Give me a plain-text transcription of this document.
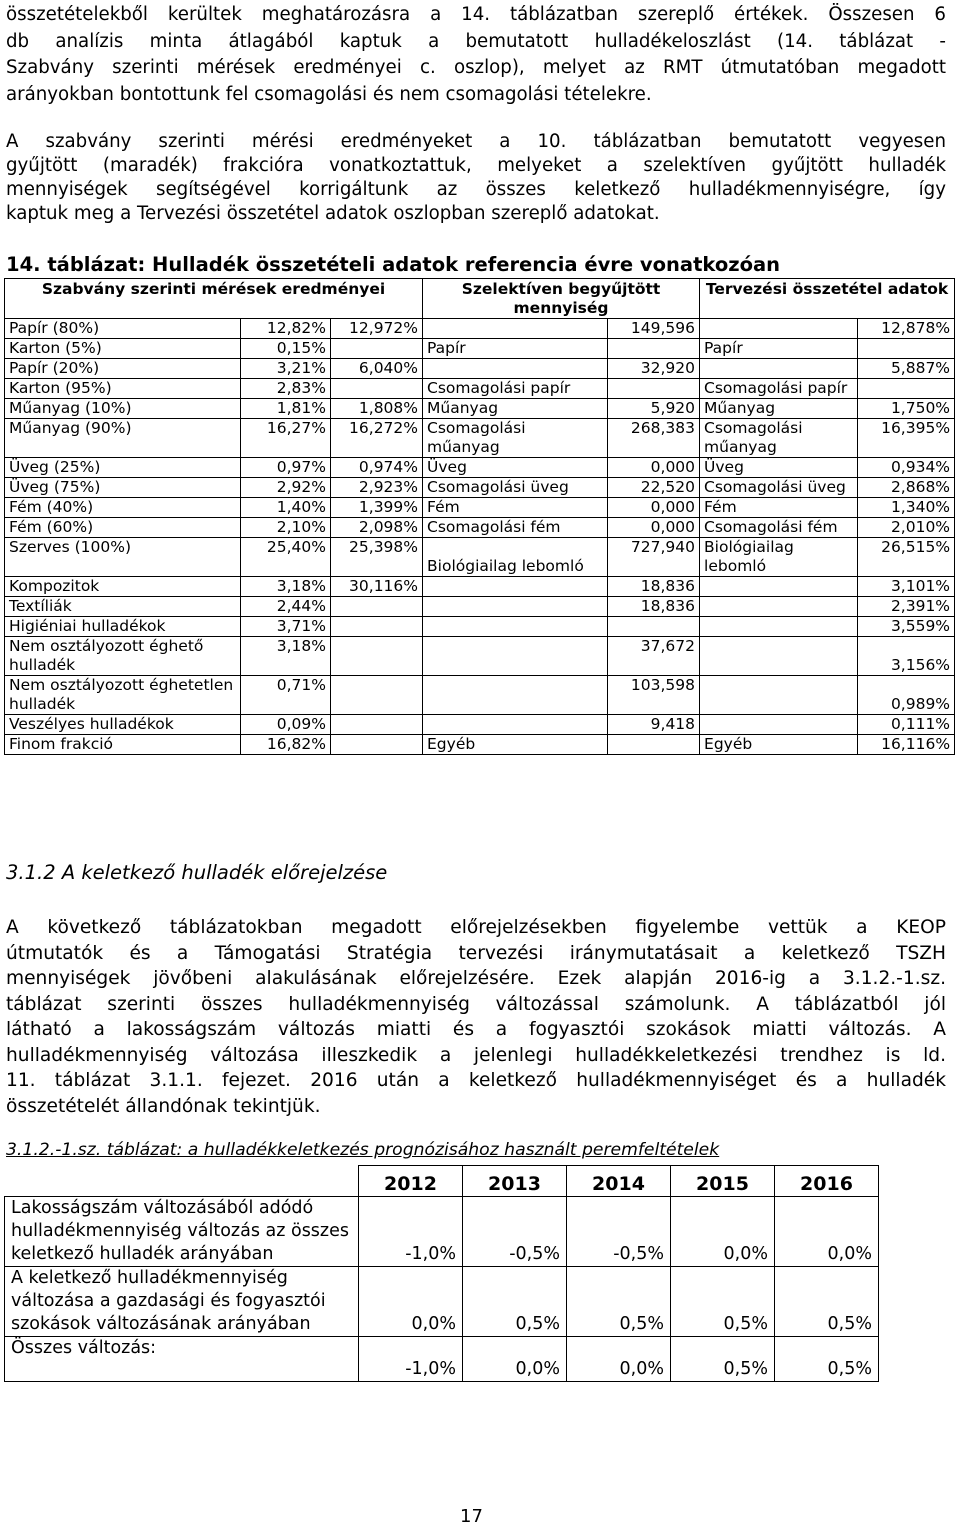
összetételekből kerültek meghatározásra a 14. táblázatban szereplő értékek. Összesen 6
db analízis minta átlagából kaptuk a bemutatott hulladékeloszlást (14. táblázat -
Szabvány szerinti mérések eredményei c. oszlop), melyet az RMT útmutatóban megadott
arányokban bontottunk fel csomagolási és nem csomagolási tételekre.
A szabvány szerinti mérési eredményeket a 10. táblázatban bemutatott vegyesen
gyűjtött (maradék) frakcióra vonatkoztattuk, melyeket a szelektíven gyűjtött hulladék
mennyiségek segítségével korrigáltunk az összes keletkező hulladékmennyiségre, így
kaptuk meg a Tervezési összetétel adatok oszlopban szereplő adatokat.
14. táblázat: Hulladék összetételi adatok referencia évre vonatkozóan
Szabvány szerinti mérések eredményei			Szelektíven begyűjtött mennyiség		Tervezési összetétel adatok	
Papír (80%)	12,82%	12,972%		149,596		12,878%
Karton (5%)	0,15%		Papír		Papír	
Papír (20%)	3,21%	6,040%		32,920		5,887%
Karton (95%)	2,83%		Csomagolási papír		Csomagolási papír	
Műanyag (10%)	1,81%	1,808%	Műanyag	5,920	Műanyag	1,750%
Műanyag (90%)	16,27%	16,272%	Csomagolási műanyag	268,383	Csomagolási műanyag	16,395%
Üveg (25%)	0,97%	0,974%	Üveg	0,000	Üveg	0,934%
Üveg (75%)	2,92%	2,923%	Csomagolási üveg	22,520	Csomagolási üveg	2,868%
Fém (40%)	1,40%	1,399%	Fém	0,000	Fém	1,340%
Fém (60%)	2,10%	2,098%	Csomagolási fém	0,000	Csomagolási fém	2,010%
Szerves (100%)	25,40%	25,398%	Biológiailag lebomló	727,940	Biológiailag lebomló	26,515%
Kompozitok	3,18%	30,116%		18,836		3,101%
Textíliák	2,44%			18,836		2,391%
Higiéniai hulladékok	3,71%					3,559%
Nem osztályozott éghető hulladék	3,18%			37,672		3,156%
Nem osztályozott éghetetlen hulladék	0,71%			103,598		0,989%
Veszélyes hulladékok	0,09%			9,418		0,111%
Finom frakció	16,82%		Egyéb		Egyéb	16,116%
3.1.2 A keletkező hulladék előrejelzése
A következő táblázatokban megadott előrejelzésekben figyelembe vettük a KEOP
útmutatók és a Támogatási Stratégia tervezési iránymutatásait a keletkező TSZH
mennyiségek jövőbeni alakulásának előrejelzésére. Ezek alapján 2016-ig a 3.1.2.-1.sz.
táblázat szerinti összes hulladékmennyiség változással számolunk. A táblázatból jól
látható a lakosságszám változás miatti és a fogyasztói szokások miatti változás. A
hulladékmennyiség változása illeszkedik a jelenlegi hulladékkeletkezési trendhez is ld.
11. táblázat 3.1.1. fejezet. 2016 után a keletkező hulladékmennyiséget és a hulladék
összetételét állandónak tekintjük.
3.1.2.-1.sz. táblázat: a hulladékkeletkezés prognózisához használt peremfeltételek
	2012	2013	2014	2015	2016
Lakosságszám változásából adódó hulladékmennyiség változás az összes keletkező hulladék arányában	-1,0%	-0,5%	-0,5%	0,0%	0,0%
A keletkező hulladékmennyiség változása a gazdasági és fogyasztói szokások változásának arányában	0,0%	0,5%	0,5%	0,5%	0,5%
Összes változás:	-1,0%	0,0%	0,0%	0,5%	0,5%
17
